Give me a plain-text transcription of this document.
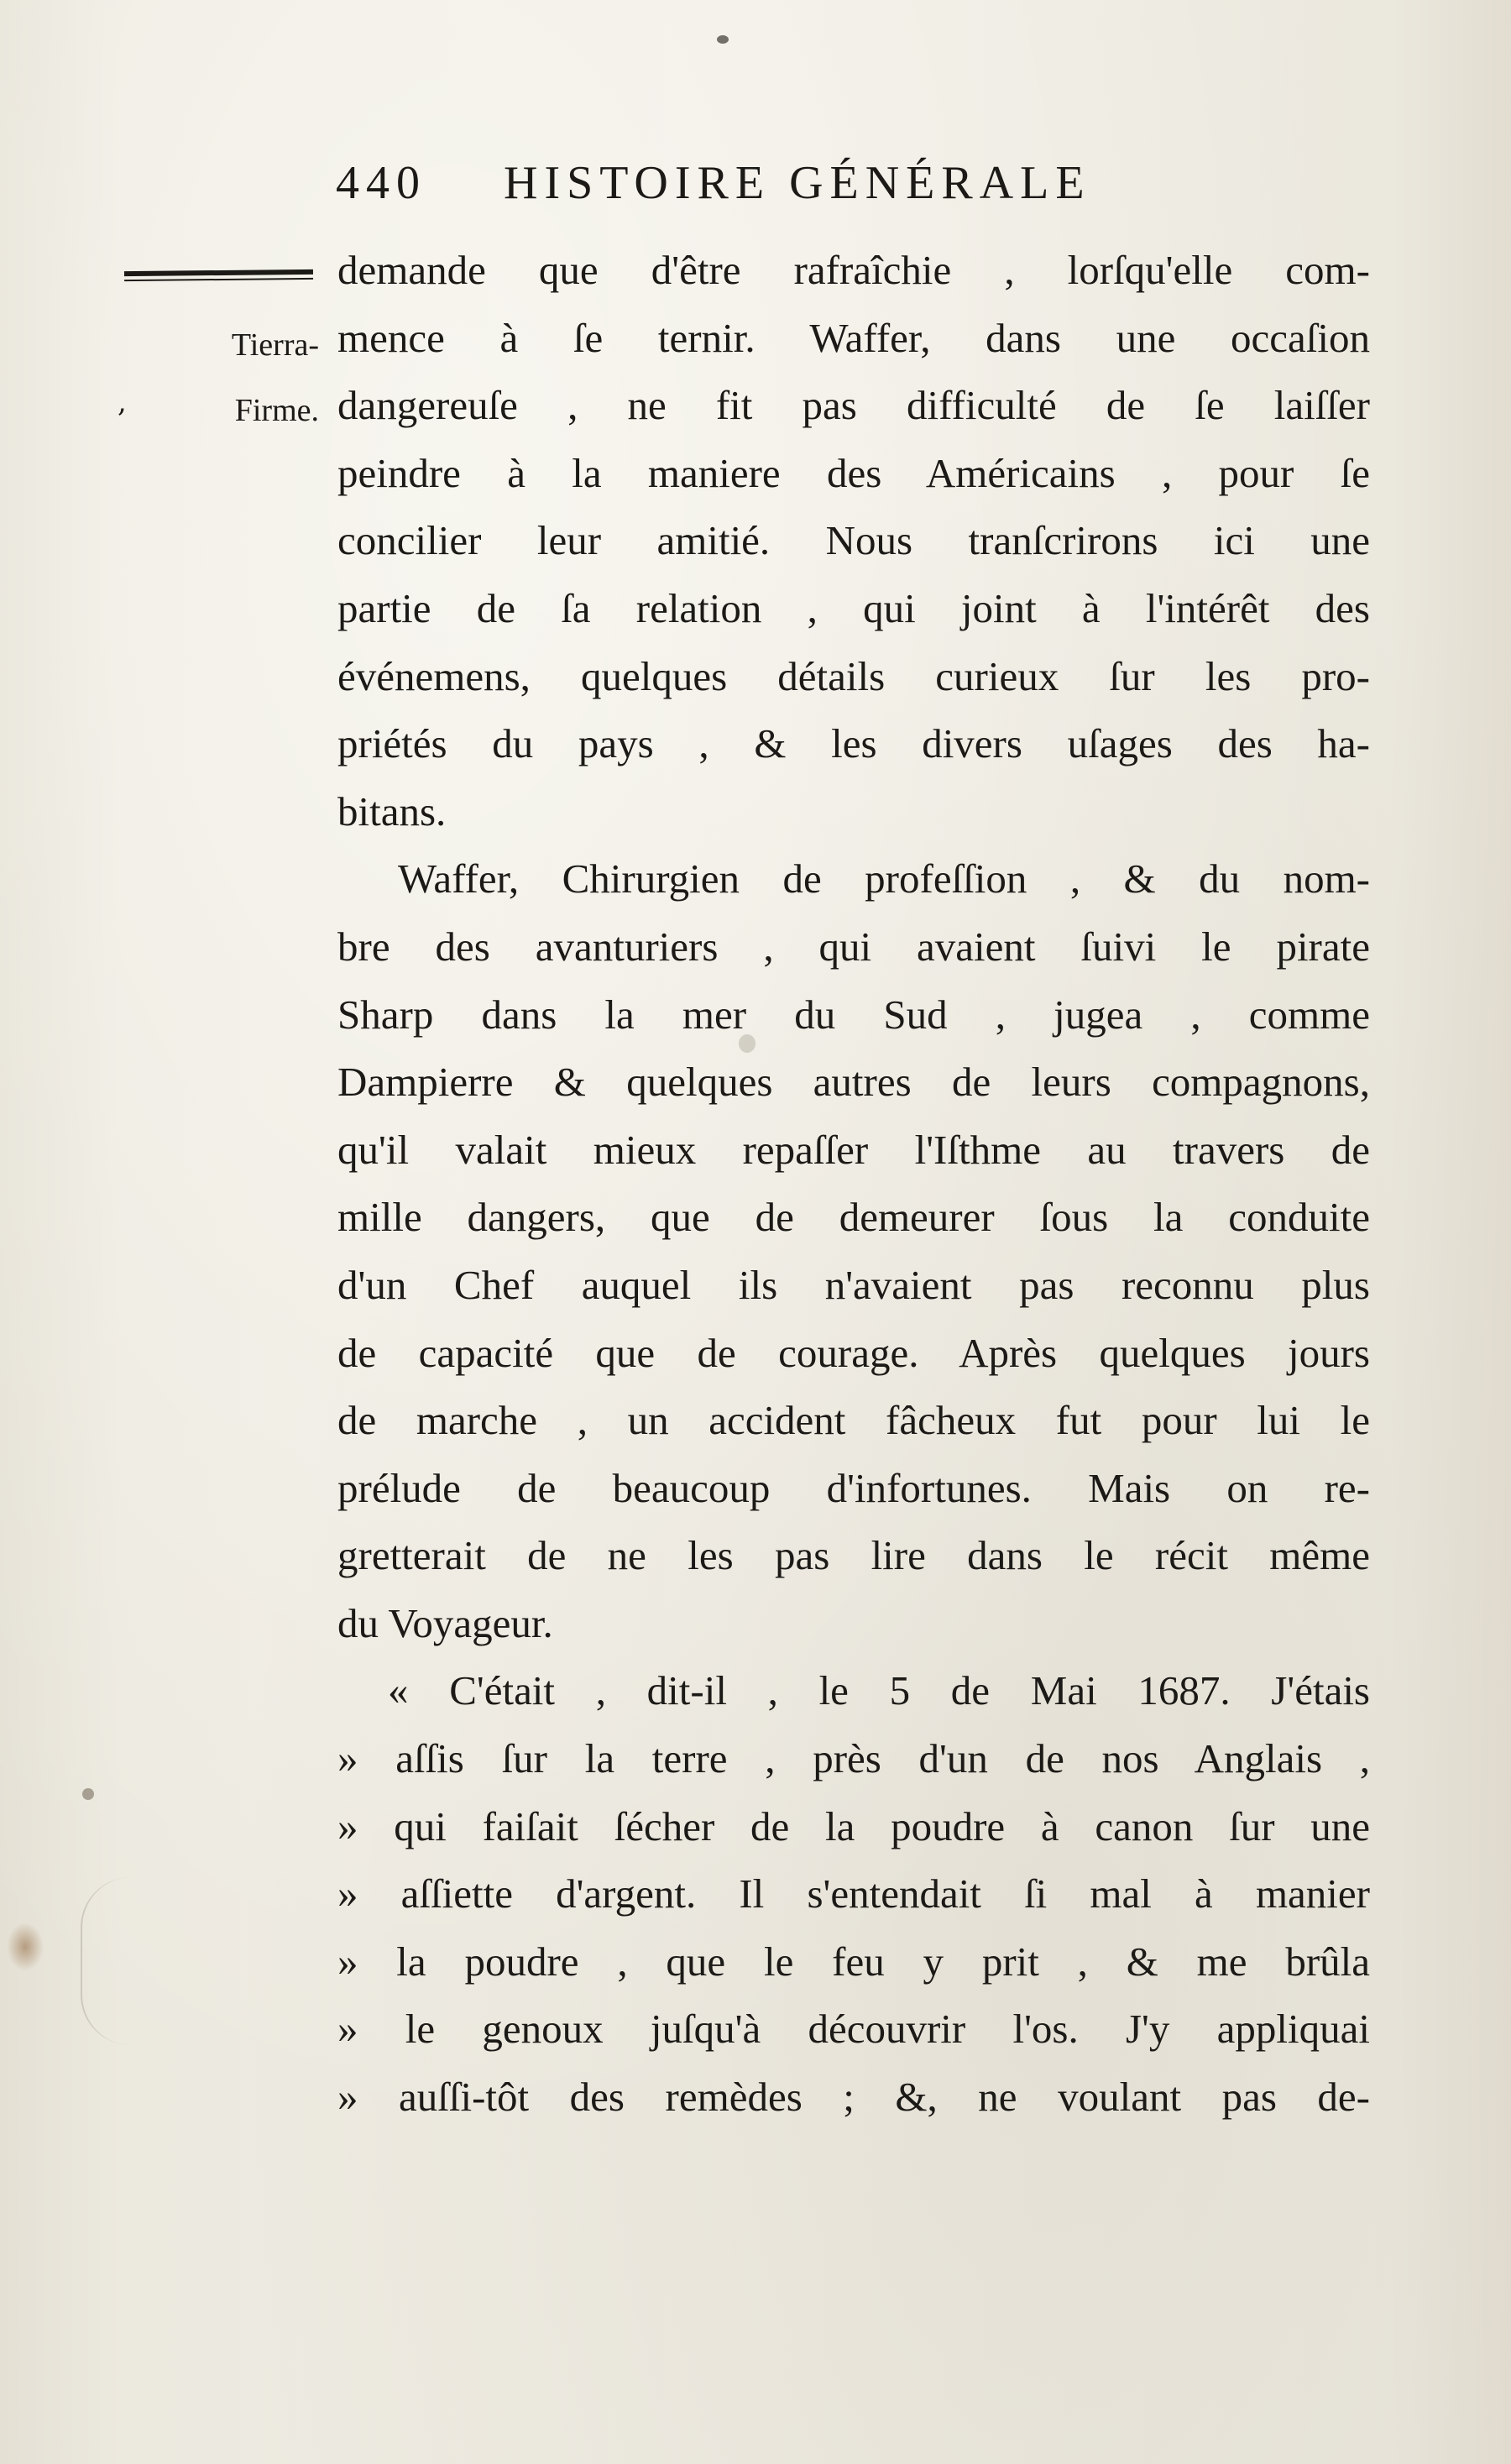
440 HISTOIRE GÉNÉRALE
,
Tierra-
Firme.
demande que d'être rafraîchie , lorſqu'elle com-
mence à ſe ternir. Waffer, dans une occaſion
dangereuſe , ne fit pas difficulté de ſe laiſſer
peindre à la maniere des Américains , pour ſe
concilier leur amitié. Nous tranſcrirons ici une
partie de ſa relation , qui joint à l'intérêt des
événemens, quelques détails curieux ſur les pro-
priétés du pays , & les divers uſages des ha-
bitans.
Waffer, Chirurgien de profeſſion , & du nom-
bre des avanturiers , qui avaient ſuivi le pirate
Sharp dans la mer du Sud , jugea , comme
Dampierre & quelques autres de leurs compagnons,
qu'il valait mieux repaſſer l'Iſthme au travers de
mille dangers, que de demeurer ſous la conduite
d'un Chef auquel ils n'avaient pas reconnu plus
de capacité que de courage. Après quelques jours
de marche , un accident fâcheux fut pour lui le
prélude de beaucoup d'infortunes. Mais on re-
gretterait de ne les pas lire dans le récit même
du Voyageur.
« C'était , dit-il , le 5 de Mai 1687. J'étais
» aſſis ſur la terre , près d'un de nos Anglais ,
» qui faiſait ſécher de la poudre à canon ſur une
» aſſiette d'argent. Il s'entendait ſi mal à manier
» la poudre , que le feu y prit , & me brûla
» le genoux juſqu'à découvrir l'os. J'y appliquai
» auſſi-tôt des remèdes ; &, ne voulant pas de-
